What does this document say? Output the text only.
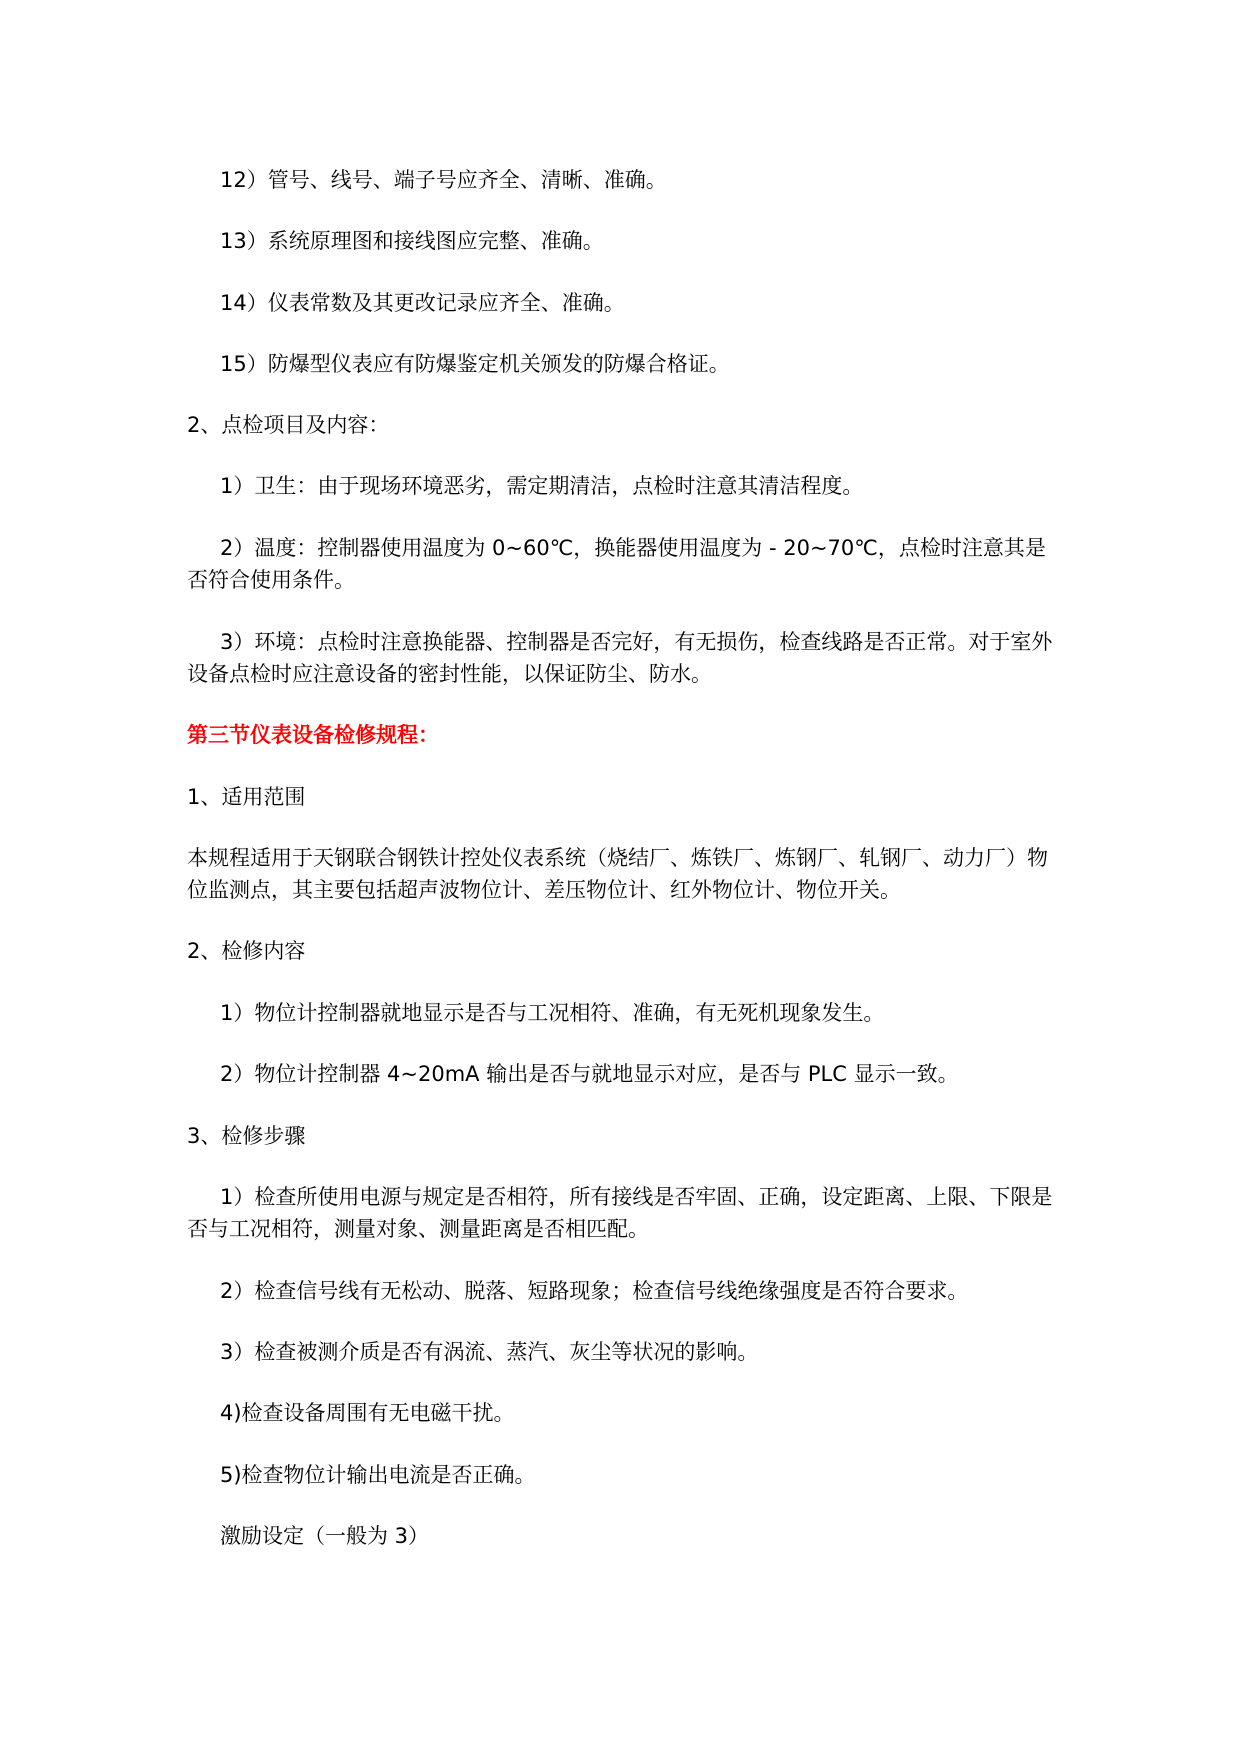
12）管号、线号、端子号应齐全、清晰、准确。

13）系统原理图和接线图应完整、准确。

14）仪表常数及其更改记录应齐全、准确。

15）防爆型仪表应有防爆鉴定机关颁发的防爆合格证。

2、点检项目及内容：

1）卫生：由于现场环境恶劣，需定期清洁，点检时注意其清洁程度。

2）温度：控制器使用温度为 0~60℃，换能器使用温度为 - 20~70℃，点检时注意其是否符合使用条件。

3）环境：点检时注意换能器、控制器是否完好，有无损伤，检查线路是否正常。对于室外设备点检时应注意设备的密封性能，以保证防尘、防水。

第三节仪表设备检修规程：

1、适用范围

本规程适用于天钢联合钢铁计控处仪表系统（烧结厂、炼铁厂、炼钢厂、轧钢厂、动力厂）物位监测点，其主要包括超声波物位计、差压物位计、红外物位计、物位开关。

2、检修内容

1）物位计控制器就地显示是否与工况相符、准确，有无死机现象发生。

2）物位计控制器 4~20mA 输出是否与就地显示对应，是否与 PLC 显示一致。

3、检修步骤

1）检查所使用电源与规定是否相符，所有接线是否牢固、正确，设定距离、上限、下限是否与工况相符，测量对象、测量距离是否相匹配。

2）检查信号线有无松动、脱落、短路现象；检查信号线绝缘强度是否符合要求。

3）检查被测介质是否有涡流、蒸汽、灰尘等状况的影响。

4)检查设备周围有无电磁干扰。

5)检查物位计输出电流是否正确。

激励设定（一般为 3）
